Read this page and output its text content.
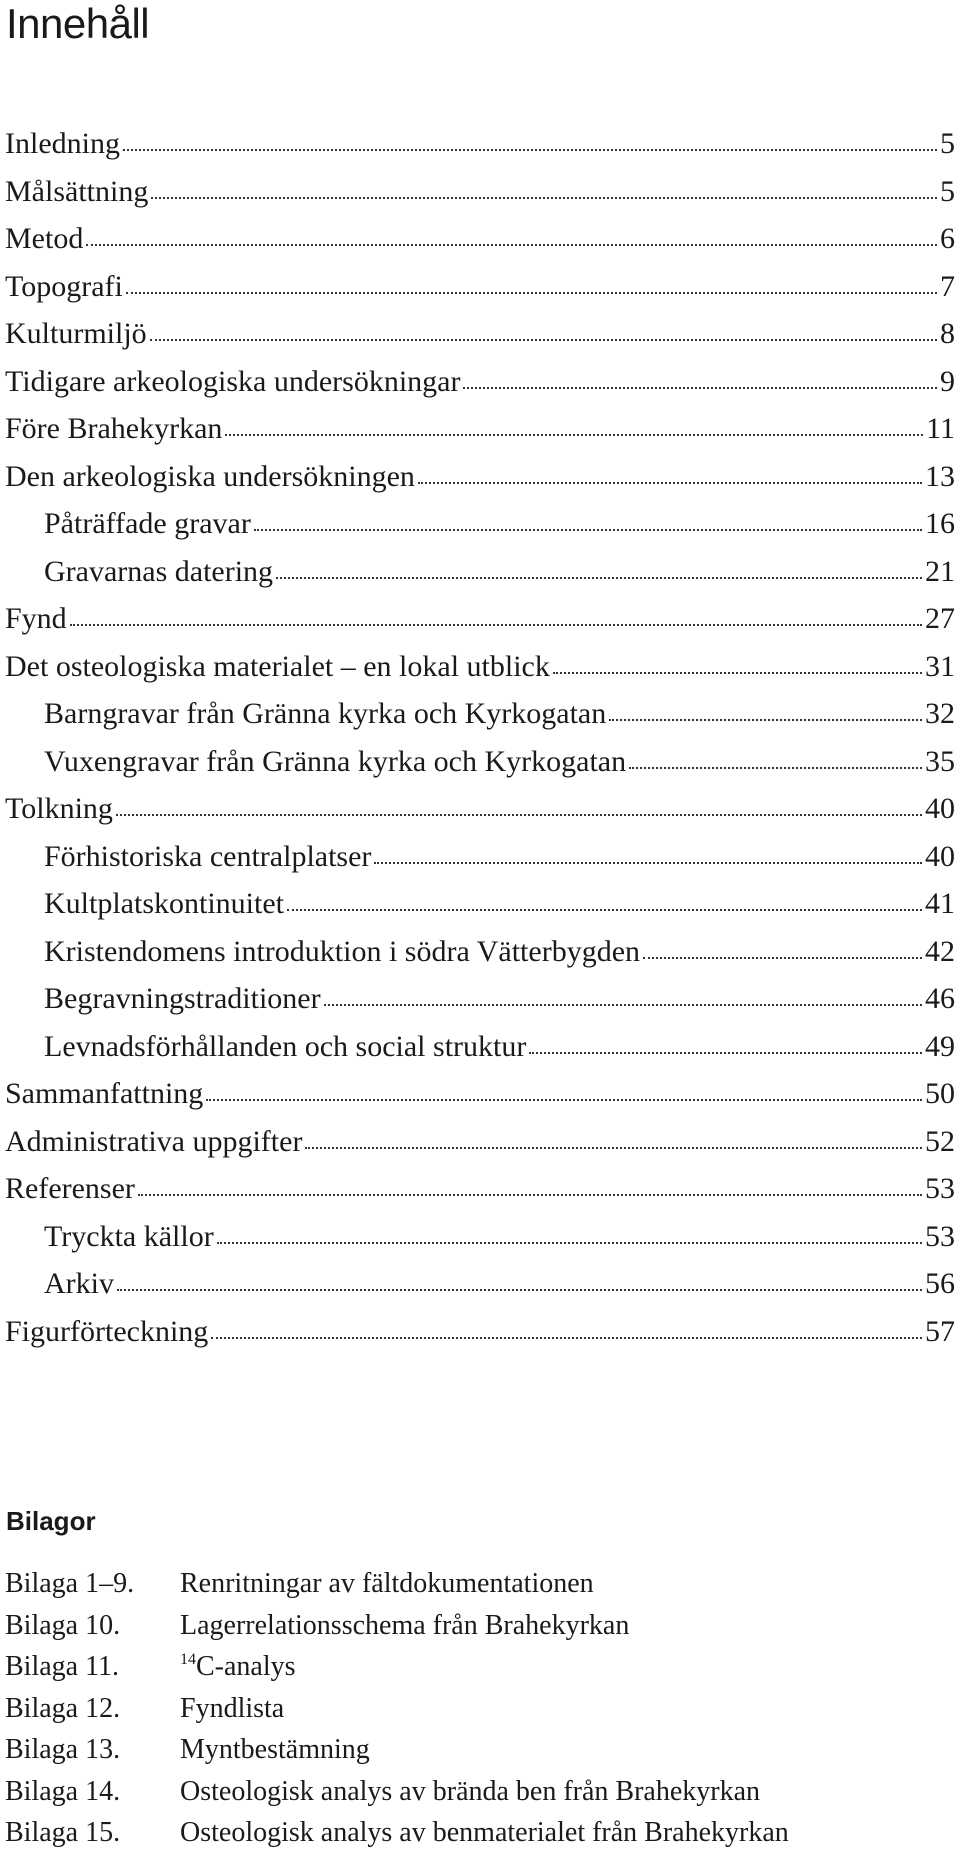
Innehåll
Inledning	5
Målsättning	5
Metod	6
Topografi	7
Kulturmiljö	8
Tidigare arkeologiska undersökningar	9
Före Brahekyrkan	11
Den arkeologiska undersökningen	13
Påträffade gravar	16
Gravarnas datering	21
Fynd	27
Det osteologiska materialet – en lokal utblick	31
Barngravar från Gränna kyrka och Kyrkogatan	32
Vuxengravar från Gränna kyrka och Kyrkogatan	35
Tolkning	40
Förhistoriska centralplatser	40
Kultplatskontinuitet	41
Kristendomens introduktion i södra Vätterbygden	42
Begravningstraditioner	46
Levnadsförhållanden och social struktur	49
Sammanfattning	50
Administrativa uppgifter	52
Referenser	53
Tryckta källor	53
Arkiv	56
Figurförteckning	57
Bilagor
Bilaga 1–9.	Renritningar av fältdokumentationen
Bilaga 10.	Lagerrelationsschema från Brahekyrkan
Bilaga 11.	$^{14}$C-analys
Bilaga 12.	Fyndlista
Bilaga 13.	Myntbestämning
Bilaga 14.	Osteologisk analys av brända ben från Brahekyrkan
Bilaga 15.	Osteologisk analys av benmaterialet från Brahekyrkan
